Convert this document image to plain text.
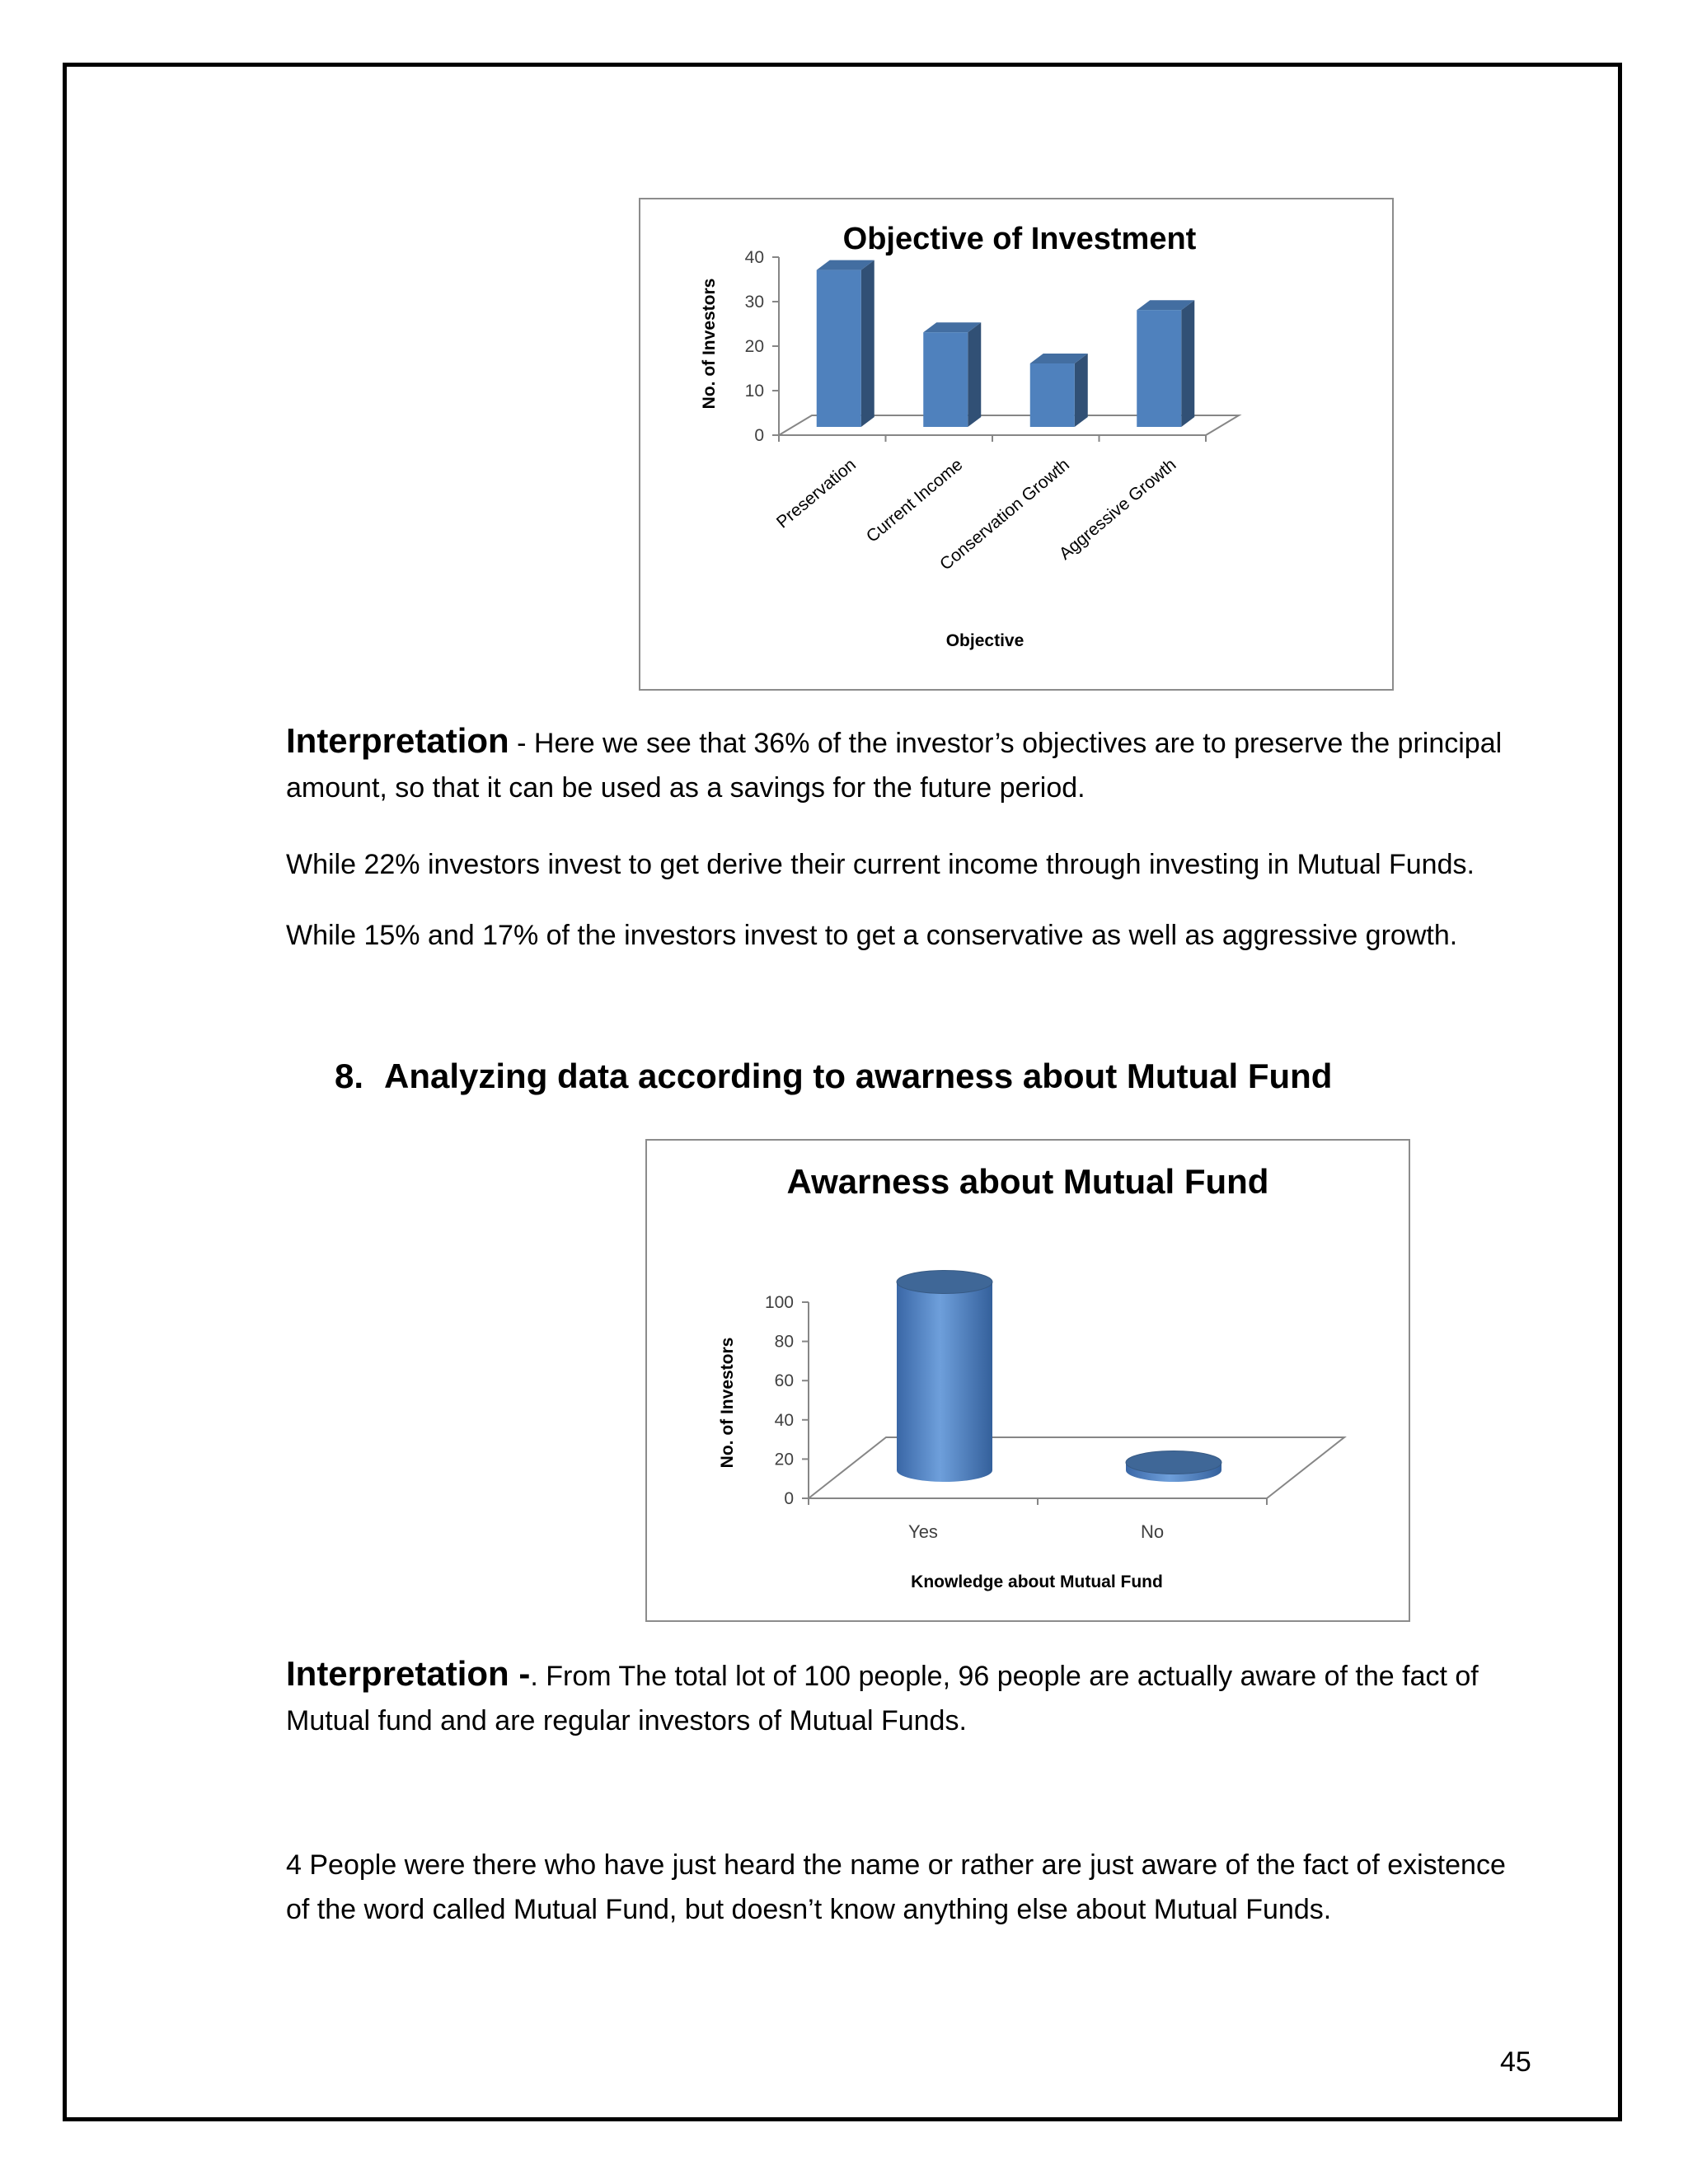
Objective of Investment
No. of Investors
Objective
0
10
20
30
40
Preservation Current Income
Conservation Growth
Aggressive Growth

Interpretation - Here we see that 36% of the investor’s objectives are to preserve the principal amount, so that it can be used as a savings for the future period.

While 22% investors invest to get derive their current income through investing in Mutual Funds.

While 15% and 17% of the investors invest to get a conservative as well as aggressive growth.

8. Analyzing data according to awarness about Mutual Fund
Awarness about Mutual Fund
No. of Investors
Knowledge about Mutual Fund
0
20
40
60
80
100
Yes	No

Interpretation -. From The total lot of 100 people, 96 people are actually aware of the fact of Mutual fund and are regular investors of Mutual Funds.

4 People were there who have just heard the name or rather are just aware of the fact of existence of the word called Mutual Fund, but doesn’t know anything else about Mutual Funds.

45
